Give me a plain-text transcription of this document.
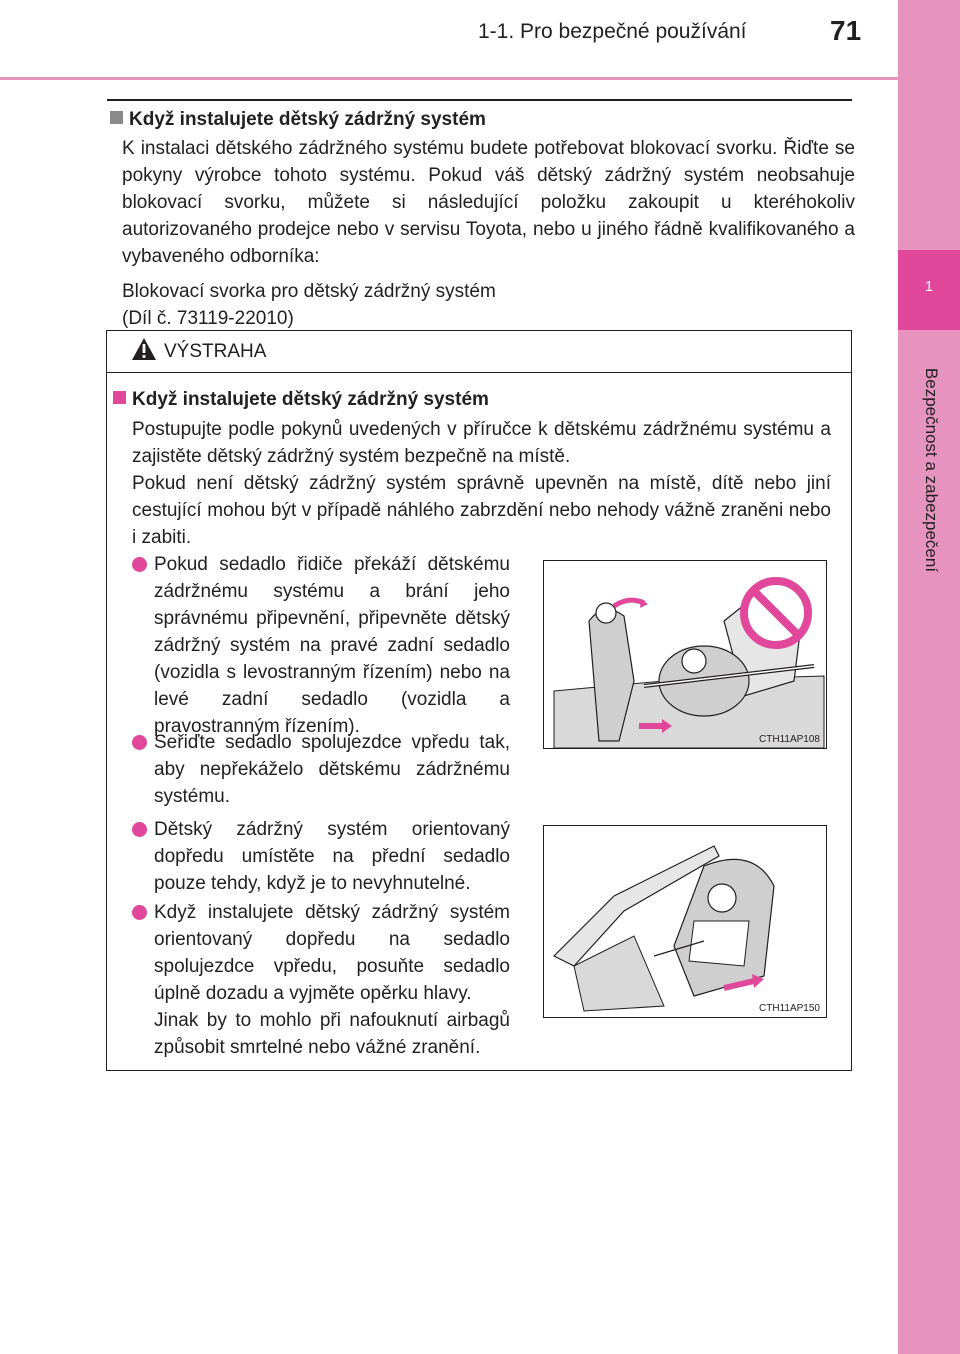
1-1. Pro bezpečné používání	71
1
Bezpečnost a zabezpečení
Když instalujete dětský zádržný systém

K instalaci dětského zádržného systému budete potřebovat blokovací svorku. Řiďte se pokyny výrobce tohoto systému. Pokud váš dětský zádržný systém neobsahuje blokovací svorku, můžete si následující položku zakoupit u kteréhokoliv autorizovaného prodejce nebo v servisu Toyota, nebo u jiného řádně kvalifikovaného a vybaveného odborníka:

Blokovací svorka pro dětský zádržný systém
(Díl č. 73119-22010)

VÝSTRAHA
Když instalujete dětský zádržný systém

Postupujte podle pokynů uvedených v příručce k dětskému zádržnému systému a zajistěte dětský zádržný systém bezpečně na místě.

Pokud není dětský zádržný systém správně upevněn na místě, dítě nebo jiní cestující mohou být v případě náhlého zabrzdění nebo nehody vážně zraněni nebo i zabiti.

Pokud sedadlo řidiče překáží dětskému zádržnému systému a brání jeho správnému připevnění, připevněte dětský zádržný systém na pravé zadní sedadlo (vozidla s levostranným řízením) nebo na levé zadní sedadlo (vozidla a pravostranným řízením).

Seřiďte sedadlo spolujezdce vpředu tak, aby nepřekáželo dětskému zádržnému systému.

CTH11AP108

Dětský zádržný systém orientovaný dopředu umístěte na přední sedadlo pouze tehdy, když je to nevyhnutelné.

Když instalujete dětský zádržný systém orientovaný dopředu na sedadlo spolujezdce vpředu, posuňte sedadlo úplně dozadu a vyjměte opěrku hlavy.

Jinak by to mohlo při nafouknutí airbagů způsobit smrtelné nebo vážné zranění.

CTH11AP150
